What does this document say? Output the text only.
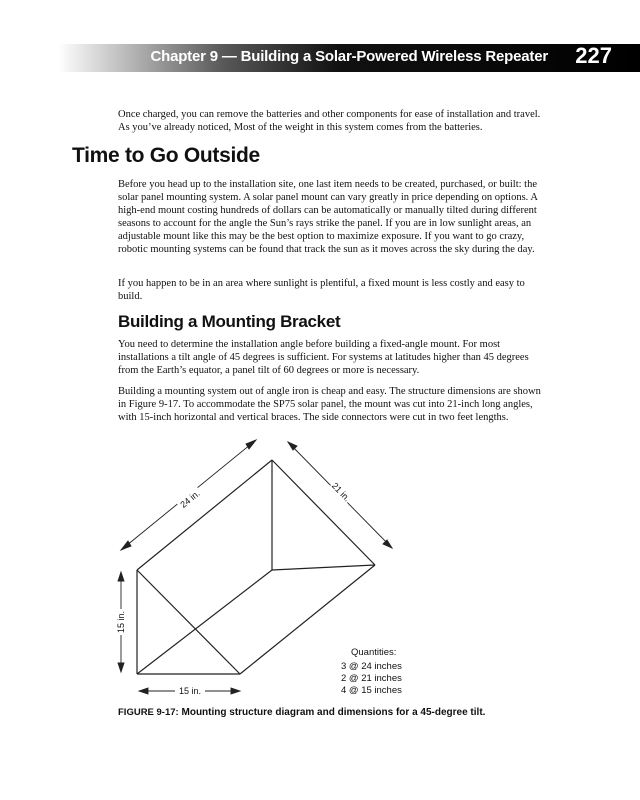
Chapter 9 — Building a Solar-Powered Wireless Repeater 227

Once charged, you can remove the batteries and other components for ease of installation and travel. As you’ve already noticed, Most of the weight in this system comes from the batteries.

Time to Go Outside

Before you head up to the installation site, one last item needs to be created, purchased, or built: the solar panel mounting system. A solar panel mount can vary greatly in price depending on options. A high-end mount costing hundreds of dollars can be automatically or manually tilted during different seasons to account for the angle the Sun’s rays strike the panel. If you are in low sunlight areas, an adjustable mount like this may be the best option to maximize exposure. If you want to go crazy, robotic mounting systems can be found that track the sun as it moves across the sky during the day.

If you happen to be in an area where sunlight is plentiful, a fixed mount is less costly and easy to build.

Building a Mounting Bracket

You need to determine the installation angle before building a fixed-angle mount. For most installations a tilt angle of 45 degrees is sufficient. For systems at latitudes higher than 45 degrees from the Earth’s equator, a panel tilt of 60 degrees or more is necessary.

Building a mounting system out of angle iron is cheap and easy. The structure dimensions are shown in Figure 9-17. To accommodate the SP75 solar panel, the mount was cut into 21-inch long angles, with 15-inch horizontal and vertical braces. The side connectors were cut in two feet lengths.

24 in.	21 in.
15 in.
15 in.
Quantities:
3 @ 24 inches
2 @ 21 inches
4 @ 15 inches
FIGURE 9-17: Mounting structure diagram and dimensions for a 45-degree tilt.
